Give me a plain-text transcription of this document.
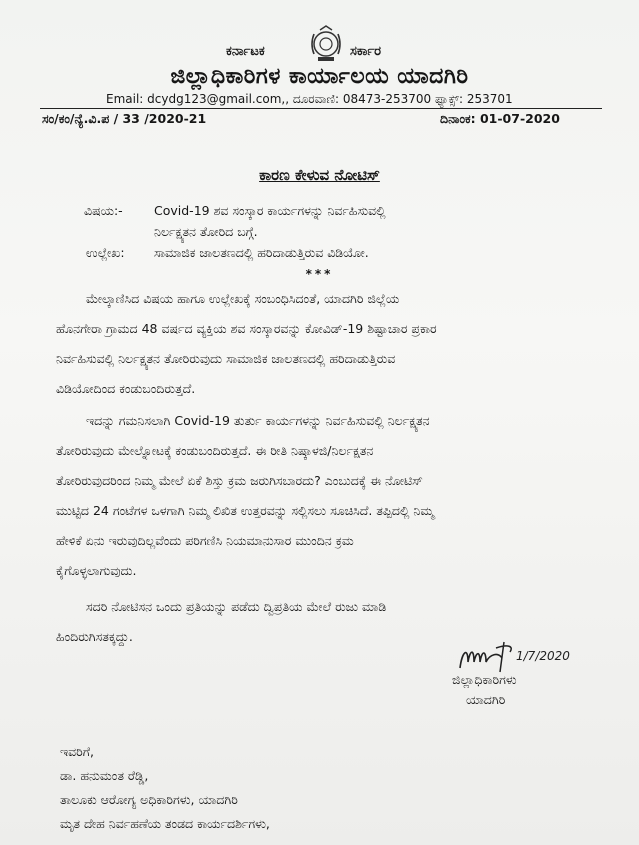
ಕರ್ನಾಟಕ	ಸರ್ಕಾರ
ಜಿಲ್ಲಾಧಿಕಾರಿಗಳ ಕಾರ್ಯಾಲಯ ಯಾದಗಿರಿ
Email: dcydg123@gmail.com,, ದೂರವಾಣಿ: 08473-253700 ಫ್ಯಾಕ್ಸ್: 253701
ಸಂ/ಕಂ/ನ್ಯೆ.ವಿ.ಪ / 33 /2020-21	ದಿನಾಂಕ: 01-07-2020
ಕಾರಣ ಕೇಳುವ ನೋಟಿಸ್
ವಿಷಯ:-	Covid-19 ಶವ ಸಂಸ್ಕಾರ ಕಾರ್ಯಗಳನ್ನು ನಿರ್ವಹಿಸುವಲ್ಲಿ
ನಿರ್ಲಕ್ಷ್ಯತನ ತೋರಿದ ಬಗ್ಗೆ.
ಉಲ್ಲೇಖ: ಸಾಮಾಜಿಕ ಜಾಲತಣದಲ್ಲಿ ಹರಿದಾಡುತ್ತಿರುವ ವಿಡಿಯೋ.
***

ಮೇಲ್ಕಾಣಿಸಿದ ವಿಷಯ ಹಾಗೂ ಉಲ್ಲೇಖಕ್ಕೆ ಸಂಬಂಧಿಸಿದಂತೆ, ಯಾದಗಿರಿ ಜಿಲ್ಲೆಯ

ಹೊನಗೇರಾ ಗ್ರಾಮದ 48 ವರ್ಷದ ವ್ಯಕ್ತಿಯ ಶವ ಸಂಸ್ಕಾರವನ್ನು ಕೋವಿಡ್-19 ಶಿಷ್ಟಾಚಾರ ಪ್ರಕಾರ

ನಿರ್ವಹಿಸುವಲ್ಲಿ ನಿರ್ಲಕ್ಷ್ಯತನ ತೋರಿರುವುದು ಸಾಮಾಜಿಕ ಜಾಲತಣದಲ್ಲಿ ಹರಿದಾಡುತ್ತಿರುವ

ವಿಡಿಯೋದಿಂದ ಕಂಡುಬಂದಿರುತ್ತದೆ.

ಇದನ್ನು ಗಮನಿಸಲಾಗಿ Covid-19 ತುರ್ತು ಕಾರ್ಯಗಳನ್ನು ನಿರ್ವಹಿಸುವಲ್ಲಿ ನಿರ್ಲಕ್ಷ್ಯತನ

ತೋರಿರುವುದು ಮೇಲ್ನೋಟಕ್ಕೆ ಕಂಡುಬಂದಿರುತ್ತದೆ. ಈ ರೀತಿ ನಿಷ್ಕಾಳಜಿ/ನಿರ್ಲಕ್ಷತನ

ತೋರಿರುವುದರಿಂದ ನಿಮ್ಮ ಮೇಲೆ ಏಕೆ ಶಿಸ್ತು ಕ್ರಮ ಜರುಗಿಸಬಾರದು? ಎಂಬುದಕ್ಕೆ ಈ ನೋಟಿಸ್

ಮುಟ್ಟಿದ 24 ಗಂಟೆಗಳ ಒಳಗಾಗಿ ನಿಮ್ಮ ಲಿಖಿತ ಉತ್ತರವನ್ನು ಸಲ್ಲಿಸಲು ಸೂಚಿಸಿದೆ. ತಪ್ಪಿದಲ್ಲಿ ನಿಮ್ಮ

ಹೇಳಿಕೆ ಏನು ಇರುವುದಿಲ್ಲವೆಂದು ಪರಿಗಣಿಸಿ ನಿಯಮಾನುಸಾರ ಮುಂದಿನ ಕ್ರಮ

ಕೈಗೊಳ್ಳಲಾಗುವುದು.

ಸದರಿ ನೋಟಿಸನ ಒಂದು ಪ್ರತಿಯನ್ನು ಪಡೆದು ದ್ವಿಪ್ರತಿಯ ಮೇಲೆ ರುಜು ಮಾಡಿ

ಹಿಂದಿರುಗಿಸತಕ್ಕದ್ದು.

1/7/2020
ಜಿಲ್ಲಾಧಿಕಾರಿಗಳು
ಯಾದಗಿರಿ

ಇವರಿಗೆ,

ಡಾ. ಹನುಮಂತ ರೆಡ್ಡಿ,

ತಾಲೂಕು ಆರೋಗ್ಯ ಅಧಿಕಾರಿಗಳು, ಯಾದಗಿರಿ

ಮೃತ ದೇಹ ನಿರ್ವಹಣೆಯ ತಂಡದ ಕಾರ್ಯದರ್ಶಿಗಳು,
